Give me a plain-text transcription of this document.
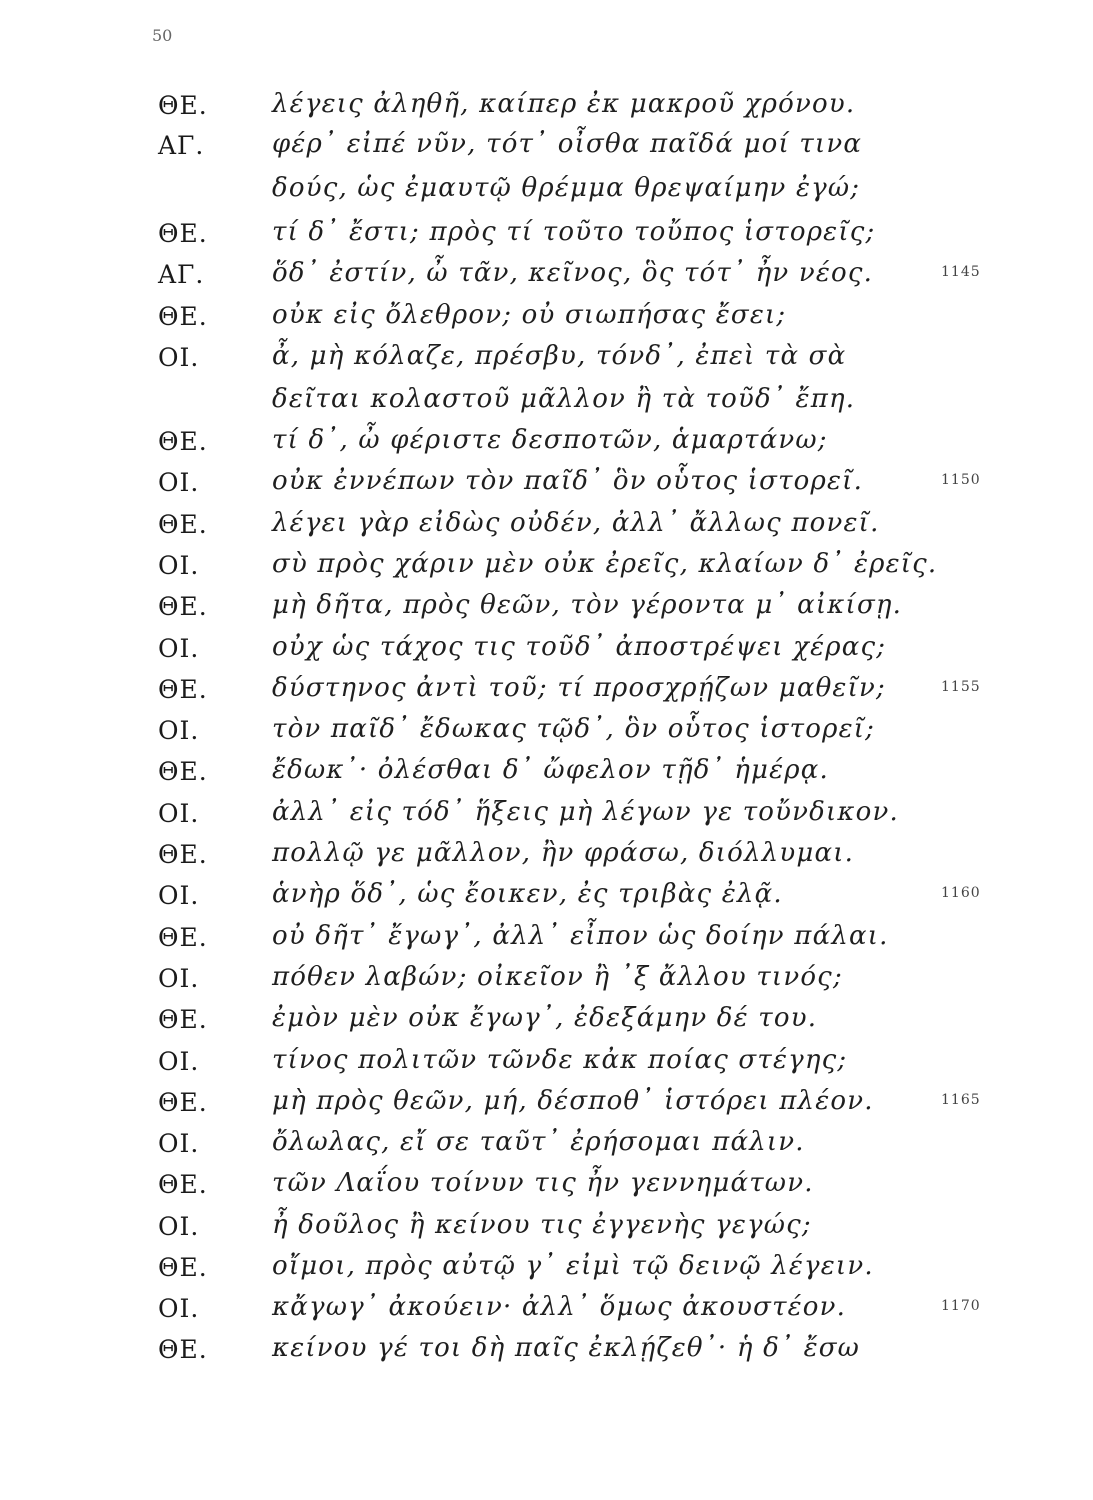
50
ΘΕ. λέγεις ἀληθῆ, καίπερ ἐκ μακροῦ χρόνου.
ΑΓ.	φέρ᾽ εἰπέ νῦν, τότ᾽ οἶσθα παῖδά μοί τινα
δούς, ὡς ἐμαυτῷ θρέμμα θρεψαίμην ἐγώ;
ΘΕ. τί δ᾽ ἔστι; πρὸς τί τοῦτο τοὔπος ἱστορεῖς;
ΑΓ.	ὅδ᾽ ἐστίν, ὦ τᾶν, κεῖνος, ὃς τότ᾽ ἦν νέος.	1145
ΘΕ. οὐκ εἰς ὄλεθρον; οὐ σιωπήσας ἔσει;
ΟΙ.	ἆ, μὴ κόλαζε, πρέσβυ, τόνδ᾽, ἐπεὶ τὰ σὰ
δεῖται κολαστοῦ μᾶλλον ἢ τὰ τοῦδ᾽ ἔπη.
ΘΕ. τί δ᾽, ὦ φέριστε δεσποτῶν, ἁμαρτάνω;
ΟΙ.	οὐκ ἐννέπων τὸν παῖδ᾽ ὃν οὗτος ἱστορεῖ.	1150
ΘΕ. λέγει γὰρ εἰδὼς οὐδέν, ἀλλ᾽ ἄλλως πονεῖ.
ΟΙ.	σὺ πρὸς χάριν μὲν οὐκ ἐρεῖς, κλαίων δ᾽ ἐρεῖς.
ΘΕ. μὴ δῆτα, πρὸς θεῶν, τὸν γέροντα μ᾽ αἰκίσῃ.
ΟΙ.	οὐχ ὡς τάχος τις τοῦδ᾽ ἀποστρέψει χέρας;
ΘΕ. δύστηνος ἀντὶ τοῦ; τί προσχρῄζων μαθεῖν;	1155
ΟΙ.	τὸν παῖδ᾽ ἔδωκας τῷδ᾽, ὃν οὗτος ἱστορεῖ;
ΘΕ. ἔδωκ᾽· ὀλέσθαι δ᾽ ὤφελον τῇδ᾽ ἡμέρᾳ.
ΟΙ.	ἀλλ᾽ εἰς τόδ᾽ ἥξεις μὴ λέγων γε τοὔνδικον.
ΘΕ. πολλῷ γε μᾶλλον, ἢν φράσω, διόλλυμαι.
ΟΙ.	ἁνὴρ ὅδ᾽, ὡς ἔοικεν, ἐς τριβὰς ἐλᾷ.	1160
ΘΕ. οὐ δῆτ᾽ ἔγωγ᾽, ἀλλ᾽ εἶπον ὡς δοίην πάλαι.
ΟΙ.	πόθεν λαβών; οἰκεῖον ἢ ᾽ξ ἄλλου τινός;
ΘΕ. ἐμὸν μὲν οὐκ ἔγωγ᾽, ἐδεξάμην δέ του.
ΟΙ.	τίνος πολιτῶν τῶνδε κἀκ ποίας στέγης;
ΘΕ. μὴ πρὸς θεῶν, μή, δέσποθ᾽ ἱστόρει πλέον.	1165
ΟΙ.	ὄλωλας, εἴ σε ταῦτ᾽ ἐρήσομαι πάλιν.
ΘΕ. τῶν Λαΐου τοίνυν τις ἦν γεννημάτων.
ΟΙ.	ἦ δοῦλος ἢ κείνου τις ἐγγενὴς γεγώς;
ΘΕ. οἴμοι, πρὸς αὐτῷ γ᾽ εἰμὶ τῷ δεινῷ λέγειν.
ΟΙ.	κἄγωγ᾽ ἀκούειν· ἀλλ᾽ ὅμως ἀκουστέον.	1170
ΘΕ. κείνου γέ τοι δὴ παῖς ἐκλῄζεθ᾽· ἡ δ᾽ ἔσω
